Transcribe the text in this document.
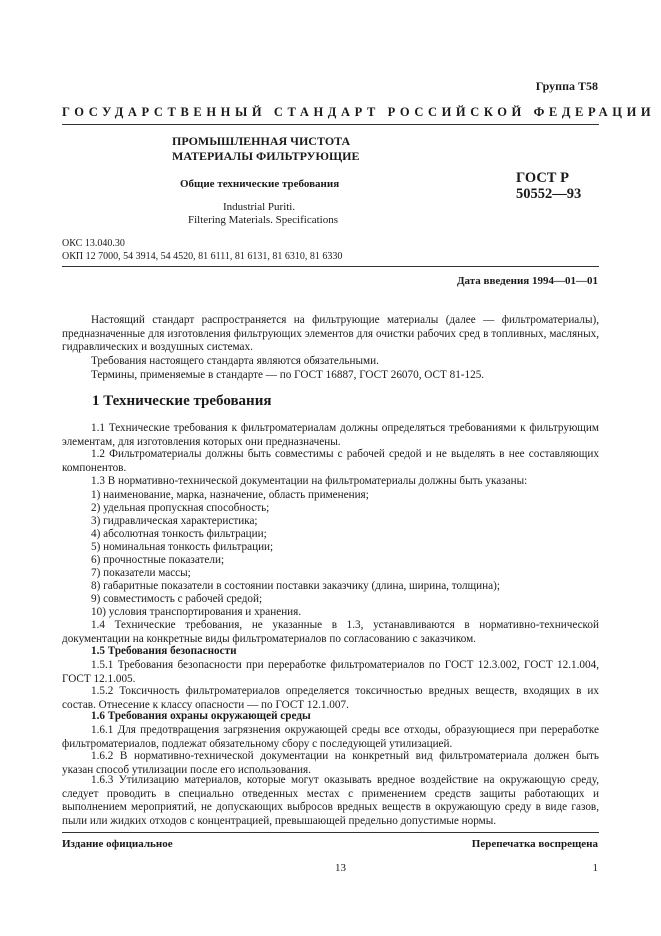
Группа Т58
ГОСУДАРСТВЕННЫЙ СТАНДАРТ РОССИЙСКОЙ ФЕДЕРАЦИИ
ПРОМЫШЛЕННАЯ ЧИСТОТА
МАТЕРИАЛЫ ФИЛЬТРУЮЩИЕ
Общие технические требования	ГОСТ Р
50552—93
Industrial Puriti.
Filtering Materials. Specifications
ОКС 13.040.30
ОКП 12 7000, 54 3914, 54 4520, 81 6111, 81 6131, 81 6310, 81 6330
Дата введения 1994—01—01
Настоящий стандарт распространяется на фильтрующие материалы (далее — фильтроматериалы), предназначенные для изготовления фильтрующих элементов для очистки рабочих сред в топливных, масляных, гидравлических и воздушных системах.
Требования настоящего стандарта являются обязательными.
Термины, применяемые в стандарте — по ГОСТ 16887, ГОСТ 26070, ОСТ 81-125.
1 Технические требования
1.1 Технические требования к фильтроматериалам должны определяться требованиями к фильтрующим элементам, для изготовления которых они предназначены.
1.2 Фильтроматериалы должны быть совместимы с рабочей средой и не выделять в нее составляющих компонентов.
1.3 В нормативно-технической документации на фильтроматериалы должны быть указаны:
1) наименование, марка, назначение, область применения;
2) удельная пропускная способность;
3) гидравлическая характеристика;
4) абсолютная тонкость фильтрации;
5) номинальная тонкость фильтрации;
6) прочностные показатели;
7) показатели массы;
8) габаритные показатели в состоянии поставки заказчику (длина, ширина, толщина);
9) совместимость с рабочей средой;
10) условия транспортирования и хранения.
1.4 Технические требования, не указанные в 1.3, устанавливаются в нормативно-технической документации на конкретные виды фильтроматериалов по согласованию с заказчиком.
1.5 Требования безопасности
1.5.1 Требования безопасности при переработке фильтроматериалов по ГОСТ 12.3.002, ГОСТ 12.1.004, ГОСТ 12.1.005.
1.5.2 Токсичность фильтроматериалов определяется токсичностью вредных веществ, входящих в их состав. Отнесение к классу опасности — по ГОСТ 12.1.007.
1.6 Требования охраны окружающей среды
1.6.1 Для предотвращения загрязнения окружающей среды все отходы, образующиеся при переработке фильтроматериалов, подлежат обязательному сбору с последующей утилизацией.
1.6.2 В нормативно-технической документации на конкретный вид фильтроматериала должен быть указан способ утилизации после его использования.
1.6.3 Утилизацию материалов, которые могут оказывать вредное воздействие на окружающую среду, следует проводить в специально отведенных местах с применением средств защиты работающих и выполнением мероприятий, не допускающих выбросов вредных веществ в окружающую среду в виде газов, пыли или жидких отходов с концентрацией, превышающей предельно допустимые нормы.
Издание официальное	Перепечатка воспрещена
13	1
